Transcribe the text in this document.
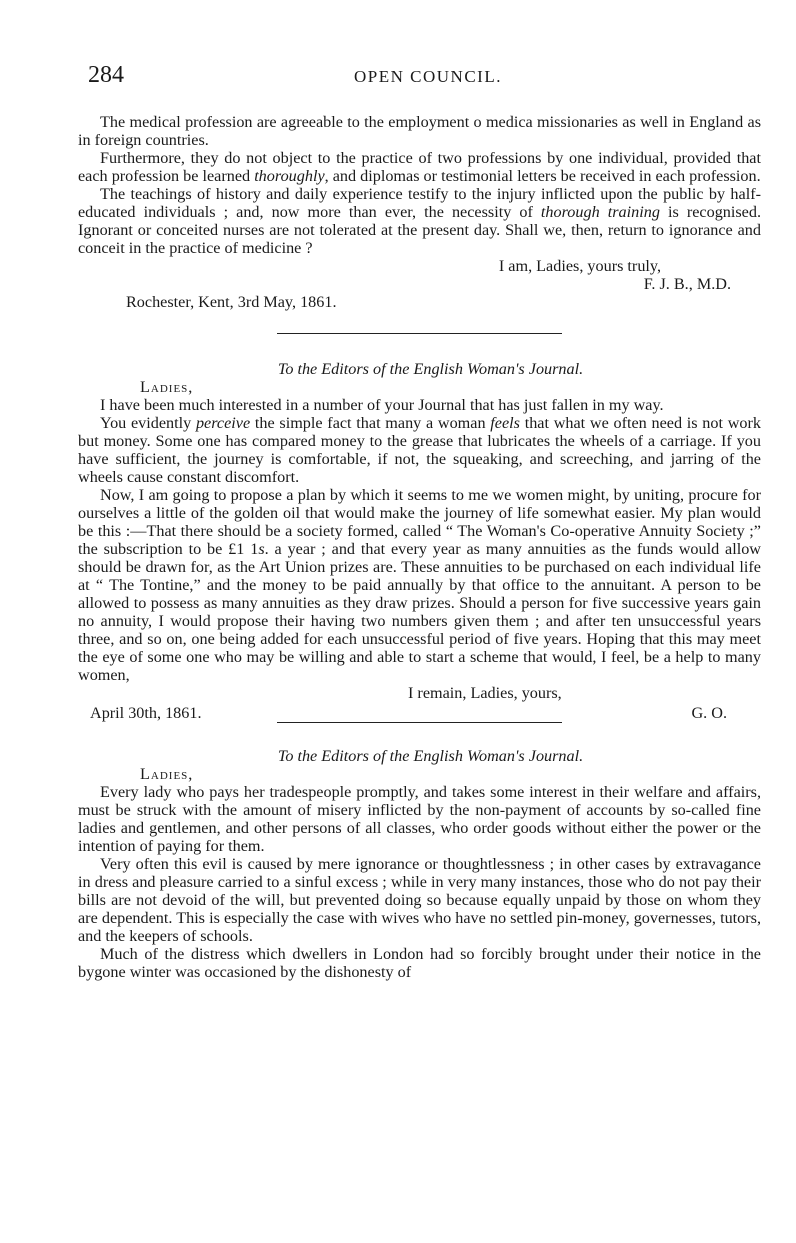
284	OPEN COUNCIL.

The medical profession are agreeable to the employment o medica missionaries as well in England as in foreign countries.

Furthermore, they do not object to the practice of two professions by one individual, provided that each profession be learned thoroughly, and diplomas or testimonial letters be received in each profession.

The teachings of history and daily experience testify to the injury inflicted upon the public by half-educated individuals ; and, now more than ever, the necessity of thorough training is recognised. Ignorant or conceited nurses are not tolerated at the present day. Shall we, then, return to ignorance and conceit in the practice of medicine ?

I am, Ladies, yours truly,

F. J. B., M.D.

Rochester, Kent, 3rd May, 1861.

To the Editors of the English Woman's Journal.

Ladies,

I have been much interested in a number of your Journal that has just fallen in my way.

You evidently perceive the simple fact that many a woman feels that what we often need is not work but money. Some one has compared money to the grease that lubricates the wheels of a carriage. If you have sufficient, the journey is comfortable, if not, the squeaking, and screeching, and jarring of the wheels cause constant discomfort.

Now, I am going to propose a plan by which it seems to me we women might, by uniting, procure for ourselves a little of the golden oil that would make the journey of life somewhat easier. My plan would be this :—That there should be a society formed, called “ The Woman's Co-operative Annuity Society ;” the subscription to be £1 1s. a year ; and that every year as many annuities as the funds would allow should be drawn for, as the Art Union prizes are. These annuities to be purchased on each individual life at “ The Tontine,” and the money to be paid annually by that office to the annuitant. A person to be allowed to possess as many annuities as they draw prizes. Should a person for five successive years gain no annuity, I would propose their having two numbers given them ; and after ten unsuccessful years three, and so on, one being added for each unsuccessful period of five years. Hoping that this may meet the eye of some one who may be willing and able to start a scheme that would, I feel, be a help to many women,

I remain, Ladies, yours,

April 30th, 1861.	G. O.

To the Editors of the English Woman's Journal.

Ladies,

Every lady who pays her tradespeople promptly, and takes some interest in their welfare and affairs, must be struck with the amount of misery inflicted by the non-payment of accounts by so-called fine ladies and gentlemen, and other persons of all classes, who order goods without either the power or the intention of paying for them.

Very often this evil is caused by mere ignorance or thoughtlessness ; in other cases by extravagance in dress and pleasure carried to a sinful excess ; while in very many instances, those who do not pay their bills are not devoid of the will, but prevented doing so because equally unpaid by those on whom they are dependent. This is especially the case with wives who have no settled pin-money, governesses, tutors, and the keepers of schools.

Much of the distress which dwellers in London had so forcibly brought under their notice in the bygone winter was occasioned by the dishonesty of
